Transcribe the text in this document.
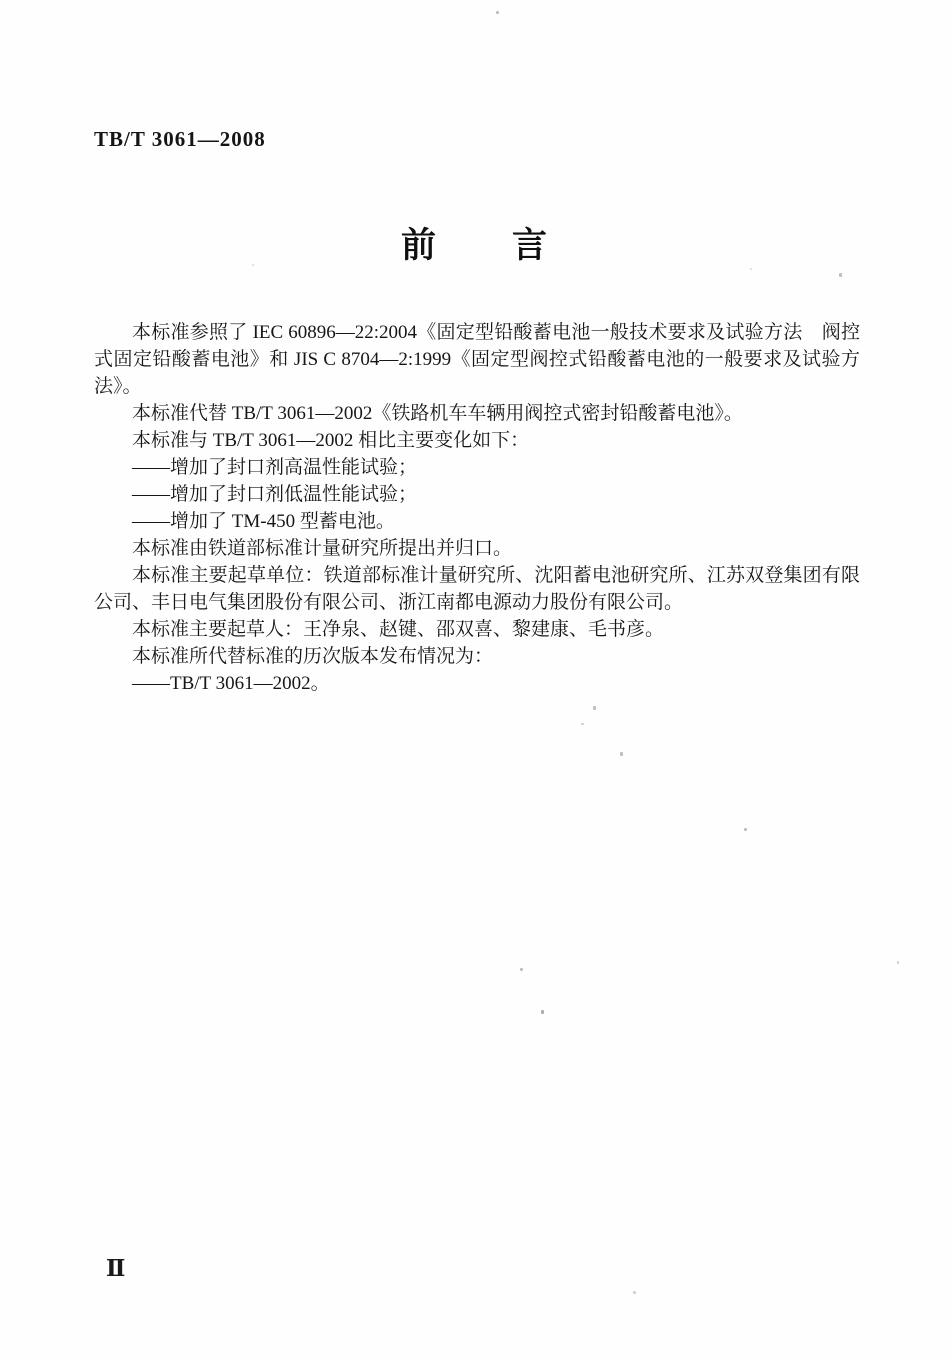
TB/T 3061—2008
前　　言

本标准参照了 IEC 60896—22:2004《固定型铅酸蓄电池一般技术要求及试验方法　阀控式固定铅酸蓄电池》和 JIS C 8704—2:1999《固定型阀控式铅酸蓄电池的一般要求及试验方法》。

本标准代替 TB/T 3061—2002《铁路机车车辆用阀控式密封铅酸蓄电池》。

本标准与 TB/T 3061—2002 相比主要变化如下：

——增加了封口剂高温性能试验；

——增加了封口剂低温性能试验；

——增加了 TM-450 型蓄电池。

本标准由铁道部标准计量研究所提出并归口。

本标准主要起草单位：铁道部标准计量研究所、沈阳蓄电池研究所、江苏双登集团有限公司、丰日电气集团股份有限公司、浙江南都电源动力股份有限公司。

本标准主要起草人：王净泉、赵键、邵双喜、黎建康、毛书彦。

本标准所代替标准的历次版本发布情况为：

——TB/T 3061—2002。

Ⅱ
